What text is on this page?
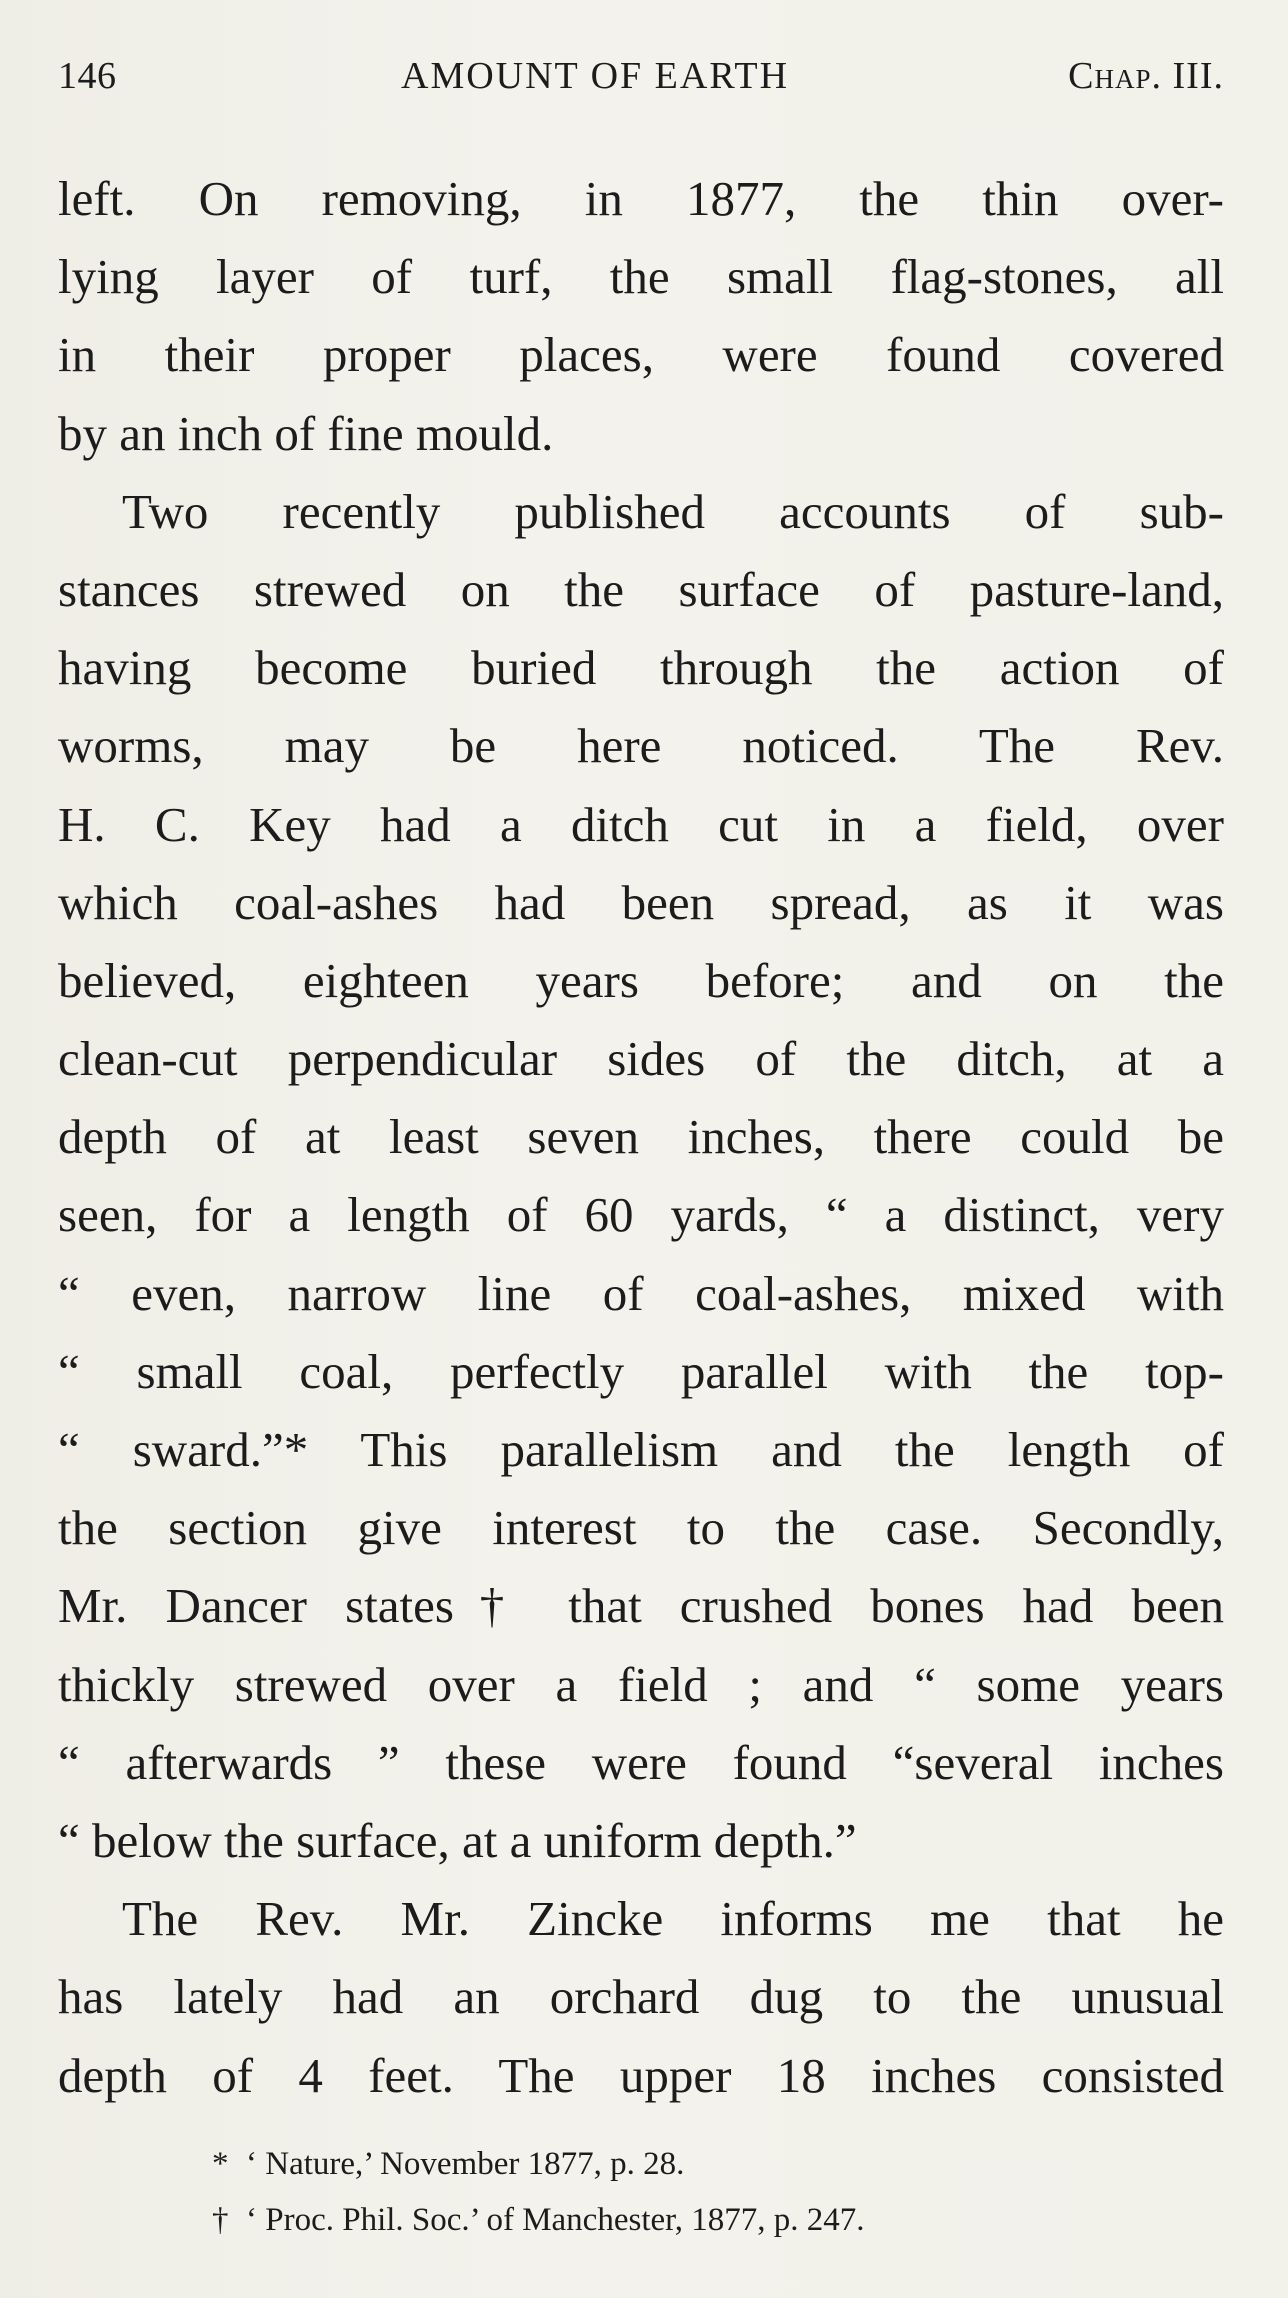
146	AMOUNT OF EARTH	Chap. III.
left. On removing, in 1877, the thin over-
lying layer of turf, the small flag-stones, all
in their proper places, were found covered
by an inch of fine mould.
Two recently published accounts of sub-
stances strewed on the surface of pasture-land,
having become buried through the action of
worms, may be here noticed. The Rev.
H. C. Key had a ditch cut in a field, over
which coal-ashes had been spread, as it was
believed, eighteen years before; and on the
clean-cut perpendicular sides of the ditch, at a
depth of at least seven inches, there could be
seen, for a length of 60 yards, “ a distinct, very
“ even, narrow line of coal-ashes, mixed with
“ small coal, perfectly parallel with the top-
“ sward.”* This parallelism and the length of
the section give interest to the case. Secondly,
Mr. Dancer states† that crushed bones had been
thickly strewed over a field ; and “ some years
“ afterwards ” these were found “several inches
“ below the surface, at a uniform depth.”
The Rev. Mr. Zincke informs me that he
has lately had an orchard dug to the unusual
depth of 4 feet. The upper 18 inches consisted
* ‘ Nature,’ November 1877, p. 28.
† ‘ Proc. Phil. Soc.’ of Manchester, 1877, p. 247.
